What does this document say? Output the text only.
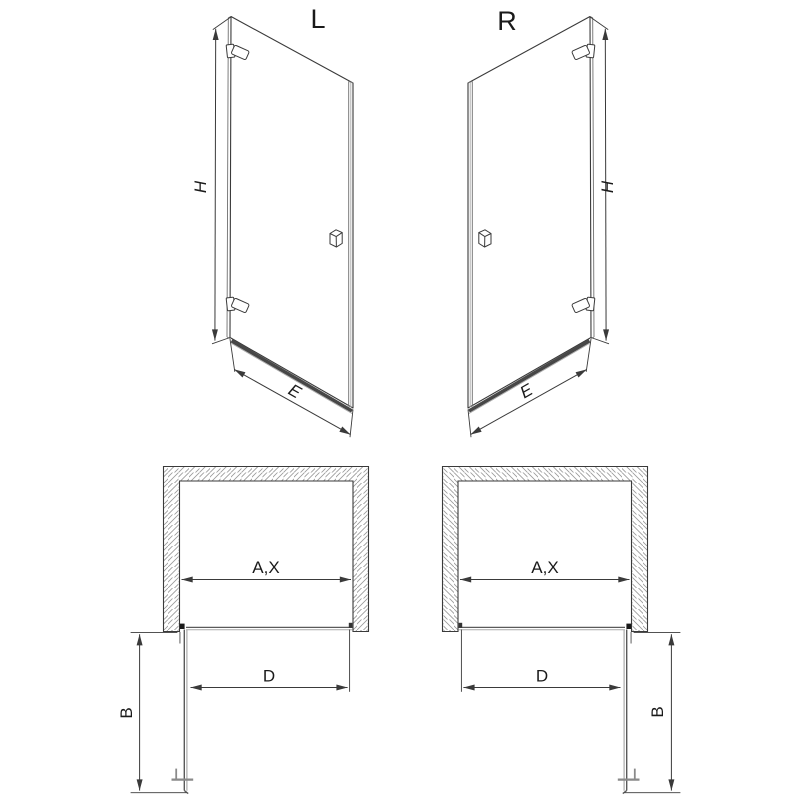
L	R
H	H
E	E
A,X	A,X
D	D
B	B
